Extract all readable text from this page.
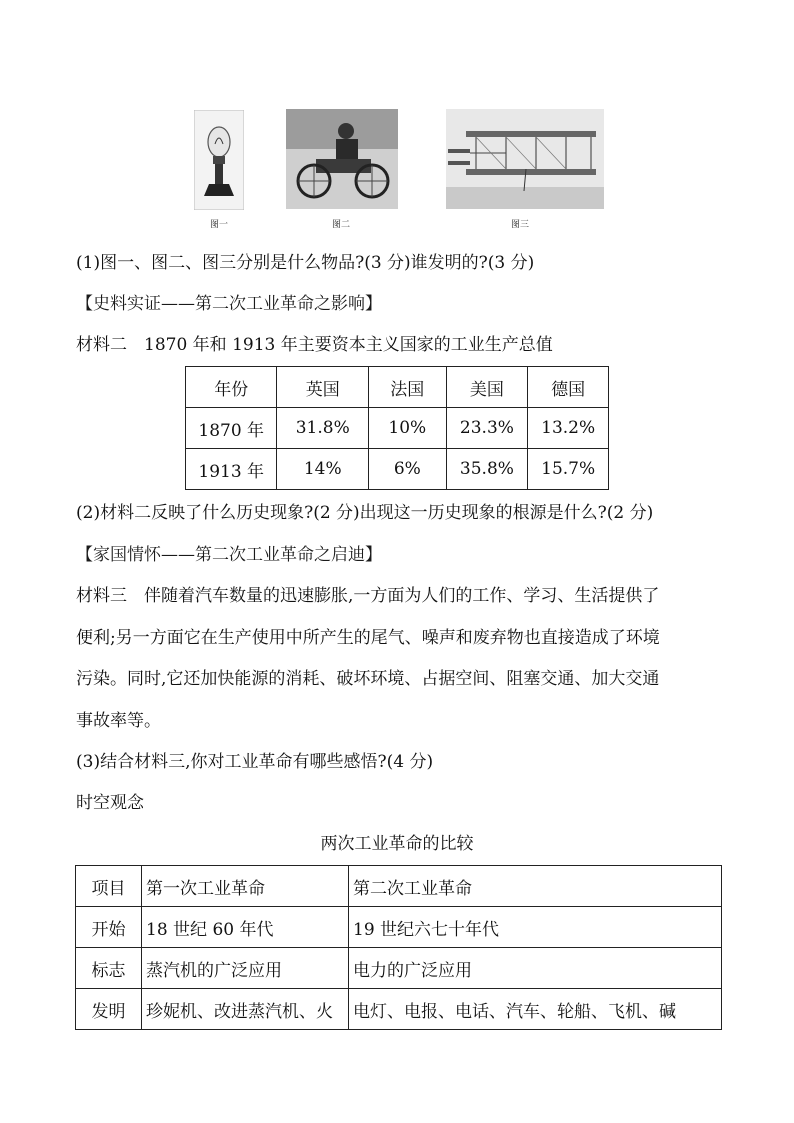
图一	图二	图三
(1)图一、图二、图三分别是什么物品?(3 分)谁发明的?(3 分)
【史料实证——第二次工业革命之影响】
材料二　1870 年和 1913 年主要资本主义国家的工业生产总值
年份	英国	法国	美国	德国
1870 年	31.8%	10%	23.3%	13.2%
1913 年	14%	6%	35.8%	15.7%
(2)材料二反映了什么历史现象?(2 分)出现这一历史现象的根源是什么?(2 分)
【家国情怀——第二次工业革命之启迪】
材料三　伴随着汽车数量的迅速膨胀,一方面为人们的工作、学习、生活提供了
便利;另一方面它在生产使用中所产生的尾气、噪声和废弃物也直接造成了环境
污染。同时,它还加快能源的消耗、破坏环境、占据空间、阻塞交通、加大交通
事故率等。
(3)结合材料三,你对工业革命有哪些感悟?(4 分)
时空观念
两次工业革命的比较
项目	第一次工业革命	第二次工业革命
开始	18 世纪 60 年代	19 世纪六七十年代
标志	蒸汽机的广泛应用	电力的广泛应用
发明	珍妮机、改进蒸汽机、火	电灯、电报、电话、汽车、轮船、飞机、碱
